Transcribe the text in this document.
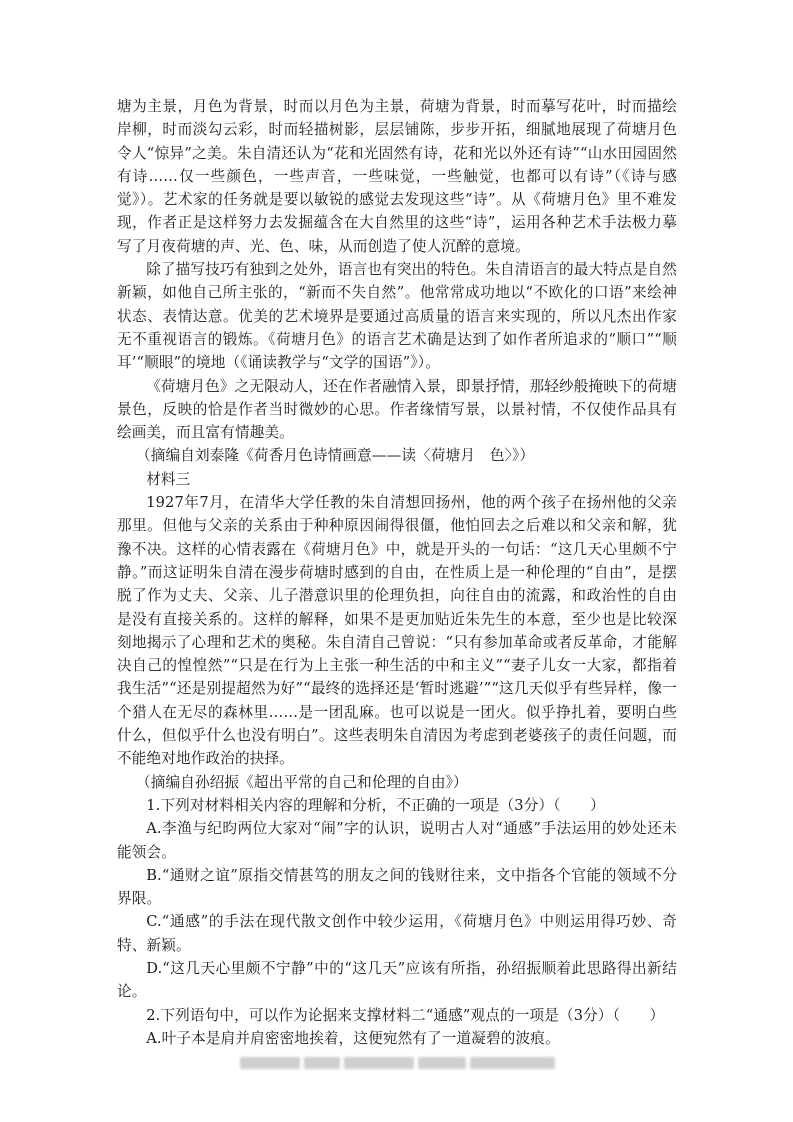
塘为主景，月色为背景，时而以月色为主景，荷塘为背景，时而摹写花叶，时而描绘岸柳，时而淡勾云彩，时而轻描树影，层层铺陈，步步开拓，细腻地展现了荷塘月色令人“惊异”之美。朱自清还认为“花和光固然有诗，花和光以外还有诗”“山水田园固然有诗……仅一些颜色，一些声音，一些味觉，一些触觉，也都可以有诗”（《诗与感觉》）。艺术家的任务就是要以敏锐的感觉去发现这些“诗”。从《荷塘月色》里不难发现，作者正是这样努力去发掘蕴含在大自然里的这些“诗”，运用各种艺术手法极力摹写了月夜荷塘的声、光、色、味，从而创造了使人沉醉的意境。

除了描写技巧有独到之处外，语言也有突出的特色。朱自清语言的最大特点是自然新颖，如他自己所主张的，“新而不失自然”。他常常成功地以“不欧化的口语”来绘神状态、表情达意。优美的艺术境界是要通过高质量的语言来实现的，所以凡杰出作家无不重视语言的锻炼。《荷塘月色》的语言艺术确是达到了如作者所追求的“顺口”“顺耳’“顺眼”的境地（《诵读教学与“文学的国语”》）。

《荷塘月色》之无限动人，还在作者融情入景，即景抒情，那轻纱般掩映下的荷塘景色，反映的恰是作者当时微妙的心思。作者缘情写景，以景衬情，不仅使作品具有绘画美，而且富有情趣美。

（摘编自刘泰隆《荷香月色诗情画意——读〈荷塘月　色〉》）

材料三

1927年7月，在清华大学任教的朱自清想回扬州，他的两个孩子在扬州他的父亲那里。但他与父亲的关系由于种种原因闹得很僵，他怕回去之后难以和父亲和解，犹豫不决。这样的心情表露在《荷塘月色》中，就是开头的一句话：“这几天心里颇不宁静。”而这证明朱自清在漫步荷塘时感到的自由，在性质上是一种伦理的“自由”，是摆脱了作为丈夫、父亲、儿子潜意识里的伦理负担，向往自由的流露，和政治性的自由是没有直接关系的。这样的解释，如果不是更加贴近朱先生的本意，至少也是比较深刻地揭示了心理和艺术的奥秘。朱自清自己曾说：“只有参加革命或者反革命，才能解决自己的惶惶然”“只是在行为上主张一种生活的中和主义”“妻子儿女一大家，都指着我生活”“还是别提超然为好”“最终的选择还是‘暂时逃避’”“这几天似乎有些异样，像一个猎人在无尽的森林里……是一团乱麻。也可以说是一团火。似乎挣扎着，要明白些什么，但似乎什么也没有明白”。这些表明朱自清因为考虑到老婆孩子的责任问题，而不能绝对地作政治的抉择。

（摘编自孙绍振《超出平常的自己和伦理的自由》）

1.下列对材料相关内容的理解和分析，不正确的一项是（3分）（　　）

A.李渔与纪昀两位大家对“闹”字的认识，说明古人对“通感”手法运用的妙处还未能领会。

B.“通财之谊”原指交情甚笃的朋友之间的钱财往来，文中指各个官能的领域不分界限。

C.“通感”的手法在现代散文创作中较少运用，《荷塘月色》中则运用得巧妙、奇特、新颖。

D.“这几天心里颇不宁静”中的“这几天”应该有所指，孙绍振顺着此思路得出新结论。

2.下列语句中，可以作为论据来支撑材料二“通感”观点的一项是（3分）（　　）

A.叶子本是肩并肩密密地挨着，这便宛然有了一道凝碧的波痕。
